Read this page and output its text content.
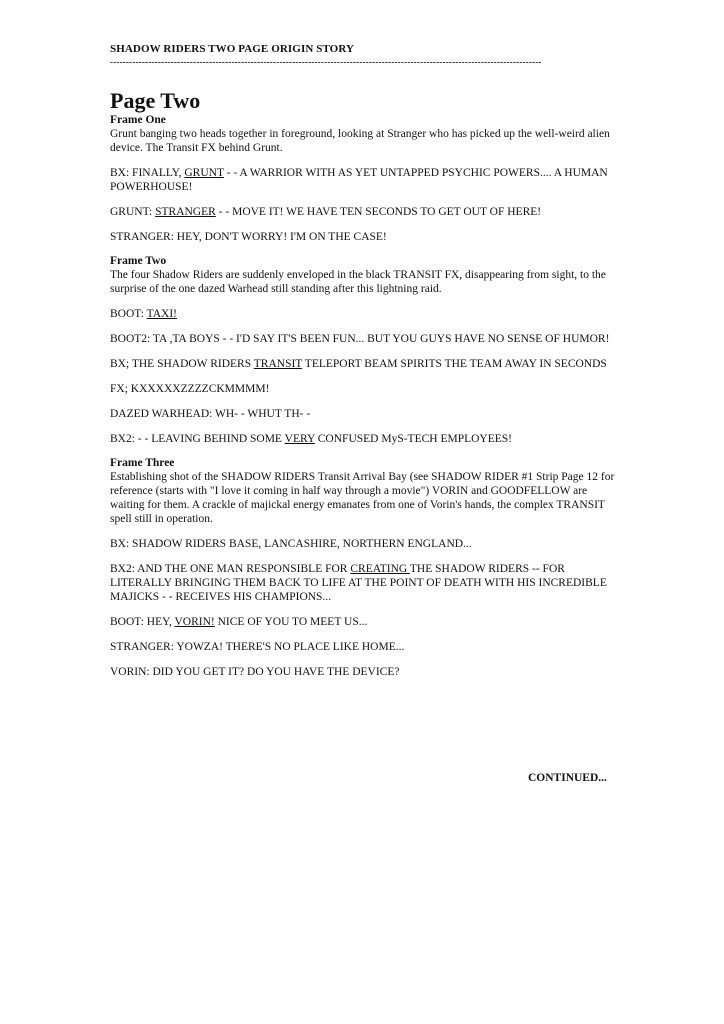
SHADOW RIDERS TWO PAGE ORIGIN STORY
---------------------------------------------------------------------------------------------------------------------------------------
Page Two

Frame One

Grunt banging two heads together in foreground, looking at Stranger who has picked up the well-weird alien device. The Transit FX behind Grunt.

BX: FINALLY, GRUNT - - A WARRIOR WITH AS YET UNTAPPED PSYCHIC POWERS.... A HUMAN POWERHOUSE!

GRUNT: STRANGER - - MOVE IT! WE HAVE TEN SECONDS TO GET OUT OF HERE!

STRANGER: HEY, DON'T WORRY! I'M ON THE CASE!

Frame Two

The four Shadow Riders are suddenly enveloped in the black TRANSIT FX, disappearing from sight, to the surprise of the one dazed Warhead still standing after this lightning raid.

BOOT: TAXI!

BOOT2: TA ,TA BOYS - - I'D SAY IT'S BEEN FUN... BUT YOU GUYS HAVE NO SENSE OF HUMOR!

BX; THE SHADOW RIDERS TRANSIT TELEPORT BEAM SPIRITS THE TEAM AWAY IN SECONDS

FX; KXXXXXZZZZCKMMMM!

DAZED WARHEAD: WH- - WHUT TH- -

BX2: - - LEAVING BEHIND SOME VERY CONFUSED MyS-TECH EMPLOYEES!

Frame Three

Establishing shot of the SHADOW RIDERS Transit Arrival Bay (see SHADOW RIDER #1 Strip Page 12 for reference (starts with "I love it coming in half way through a movie") VORIN and GOODFELLOW are waiting for them. A crackle of majickal energy emanates from one of Vorin's hands, the complex TRANSIT spell still in operation.

BX: SHADOW RIDERS BASE, LANCASHIRE, NORTHERN ENGLAND...

BX2: AND THE ONE MAN RESPONSIBLE FOR CREATING THE SHADOW RIDERS -- FOR LITERALLY BRINGING THEM BACK TO LIFE AT THE POINT OF DEATH WITH HIS INCREDIBLE MAJICKS - - RECEIVES HIS CHAMPIONS...

BOOT: HEY, VORIN! NICE OF YOU TO MEET US...

STRANGER: YOWZA! THERE'S NO PLACE LIKE HOME...

VORIN: DID YOU GET IT? DO YOU HAVE THE DEVICE?

CONTINUED...
